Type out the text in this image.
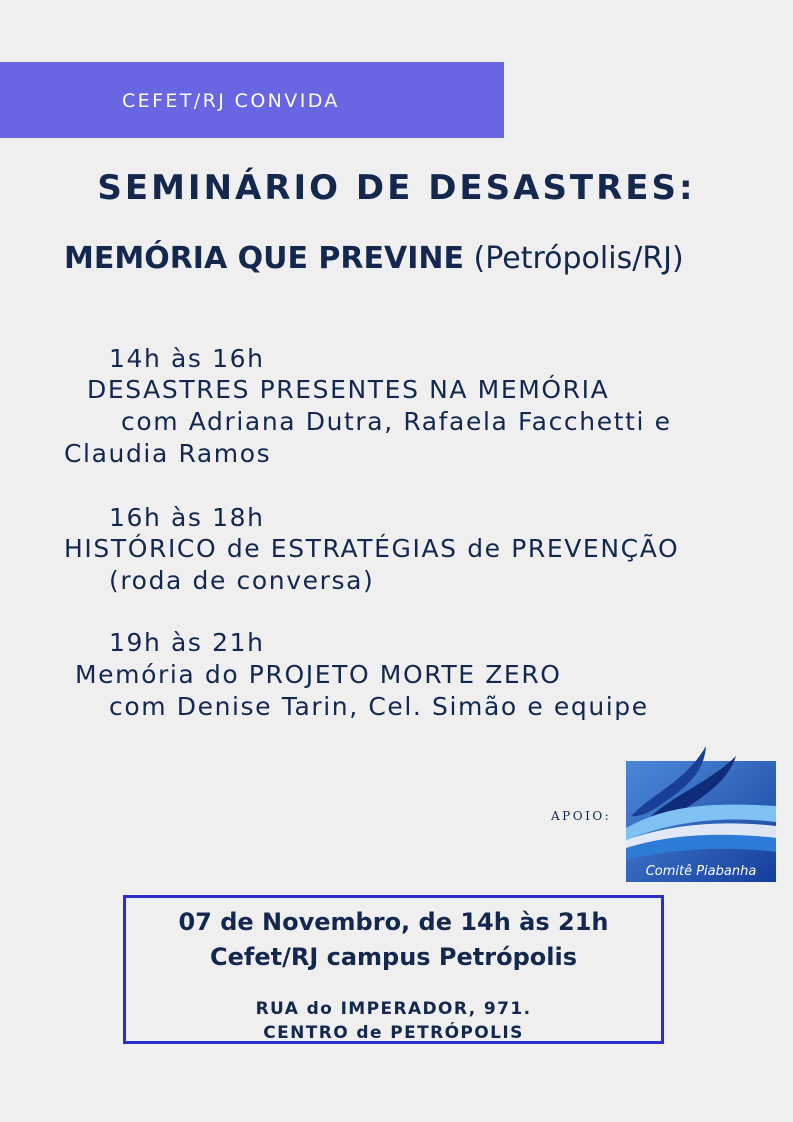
CEFET/RJ CONVIDA
SEMINÁRIO DE DESASTRES:
MEMÓRIA QUE PREVINE (Petrópolis/RJ)
14h às 16h
DESASTRES PRESENTES NA MEMÓRIA
com Adriana Dutra, Rafaela Facchetti e
Claudia Ramos
16h às 18h
HISTÓRICO de ESTRATÉGIAS de PREVENÇÃO
(roda de conversa)
19h às 21h
Memória do PROJETO MORTE ZERO
com Denise Tarin, Cel. Simão e equipe
APOIO:
Comitê Piabanha
07 de Novembro, de 14h às 21h
Cefet/RJ campus Petrópolis
RUA do IMPERADOR, 971.
CENTRO de PETRÓPOLIS
